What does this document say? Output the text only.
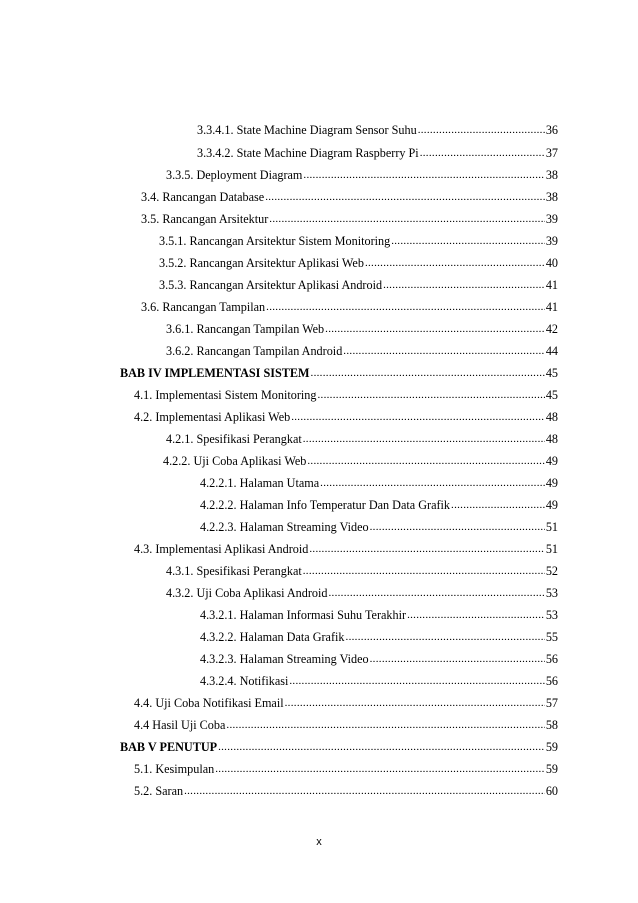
3.3.4.1. State Machine Diagram Sensor Suhu .....	36
3.3.4.2. State Machine Diagram Raspberry Pi .....	37
3.3.5. Deployment Diagram .....	38
3.4. Rancangan Database .....	38
3.5. Rancangan Arsitektur .....	39
3.5.1. Rancangan Arsitektur Sistem Monitoring .....	39
3.5.2. Rancangan Arsitektur Aplikasi Web .....	40
3.5.3. Rancangan Arsitektur Aplikasi Android .....	41
3.6. Rancangan Tampilan .....	41
3.6.1. Rancangan Tampilan Web .....	42
3.6.2. Rancangan Tampilan Android .....	44
BAB IV IMPLEMENTASI SISTEM .....	45
4.1. Implementasi Sistem Monitoring .....	45
4.2. Implementasi Aplikasi Web .....	48
4.2.1. Spesifikasi Perangkat .....	48
4.2.2. Uji Coba Aplikasi Web .....	49
4.2.2.1. Halaman Utama .....	49
4.2.2.2. Halaman Info Temperatur Dan Data Grafik .....	49
4.2.2.3. Halaman Streaming Video .....	51
4.3. Implementasi Aplikasi Android .....	51
4.3.1. Spesifikasi Perangkat .....	52
4.3.2. Uji Coba Aplikasi Android .....	53
4.3.2.1. Halaman Informasi Suhu Terakhir .....	53
4.3.2.2. Halaman Data Grafik .....	55
4.3.2.3. Halaman Streaming Video .....	56
4.3.2.4. Notifikasi .....	56
4.4. Uji Coba Notifikasi Email .....	57
4.4 Hasil Uji Coba .....	58
BAB V PENUTUP .....	59
5.1. Kesimpulan .....	59
5.2. Saran .....	60
x
